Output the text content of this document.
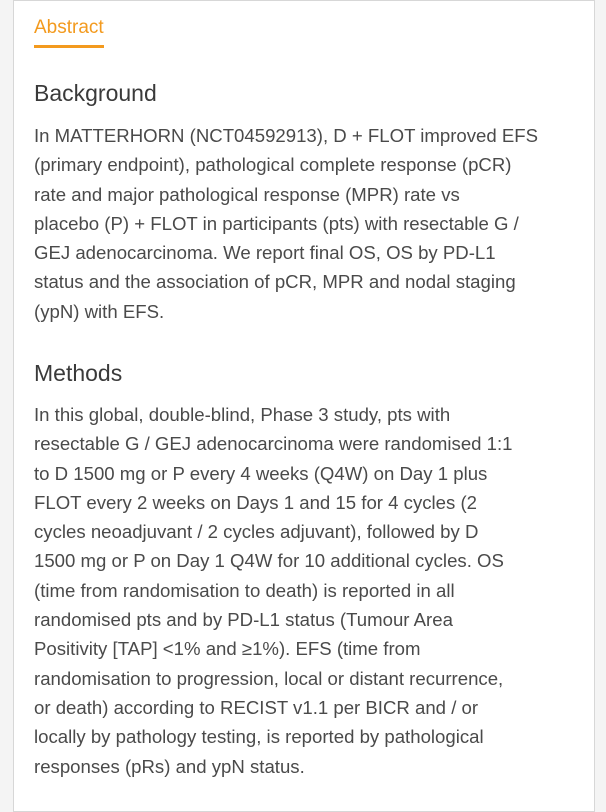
Abstract
Background

In MATTERHORN (NCT04592913), D + FLOT improved EFS
(primary endpoint), pathological complete response (pCR)
rate and major pathological response (MPR) rate vs
placebo (P) + FLOT in participants (pts) with resectable G /
GEJ adenocarcinoma. We report final OS, OS by PD-L1
status and the association of pCR, MPR and nodal staging
(ypN) with EFS.

Methods

In this global, double-blind, Phase 3 study, pts with
resectable G / GEJ adenocarcinoma were randomised 1:1
to D 1500 mg or P every 4 weeks (Q4W) on Day 1 plus
FLOT every 2 weeks on Days 1 and 15 for 4 cycles (2
cycles neoadjuvant / 2 cycles adjuvant), followed by D
1500 mg or P on Day 1 Q4W for 10 additional cycles. OS
(time from randomisation to death) is reported in all
randomised pts and by PD-L1 status (Tumour Area
Positivity [TAP] <1% and ≥1%). EFS (time from
randomisation to progression, local or distant recurrence,
or death) according to RECIST v1.1 per BICR and / or
locally by pathology testing, is reported by pathological
responses (pRs) and ypN status.
